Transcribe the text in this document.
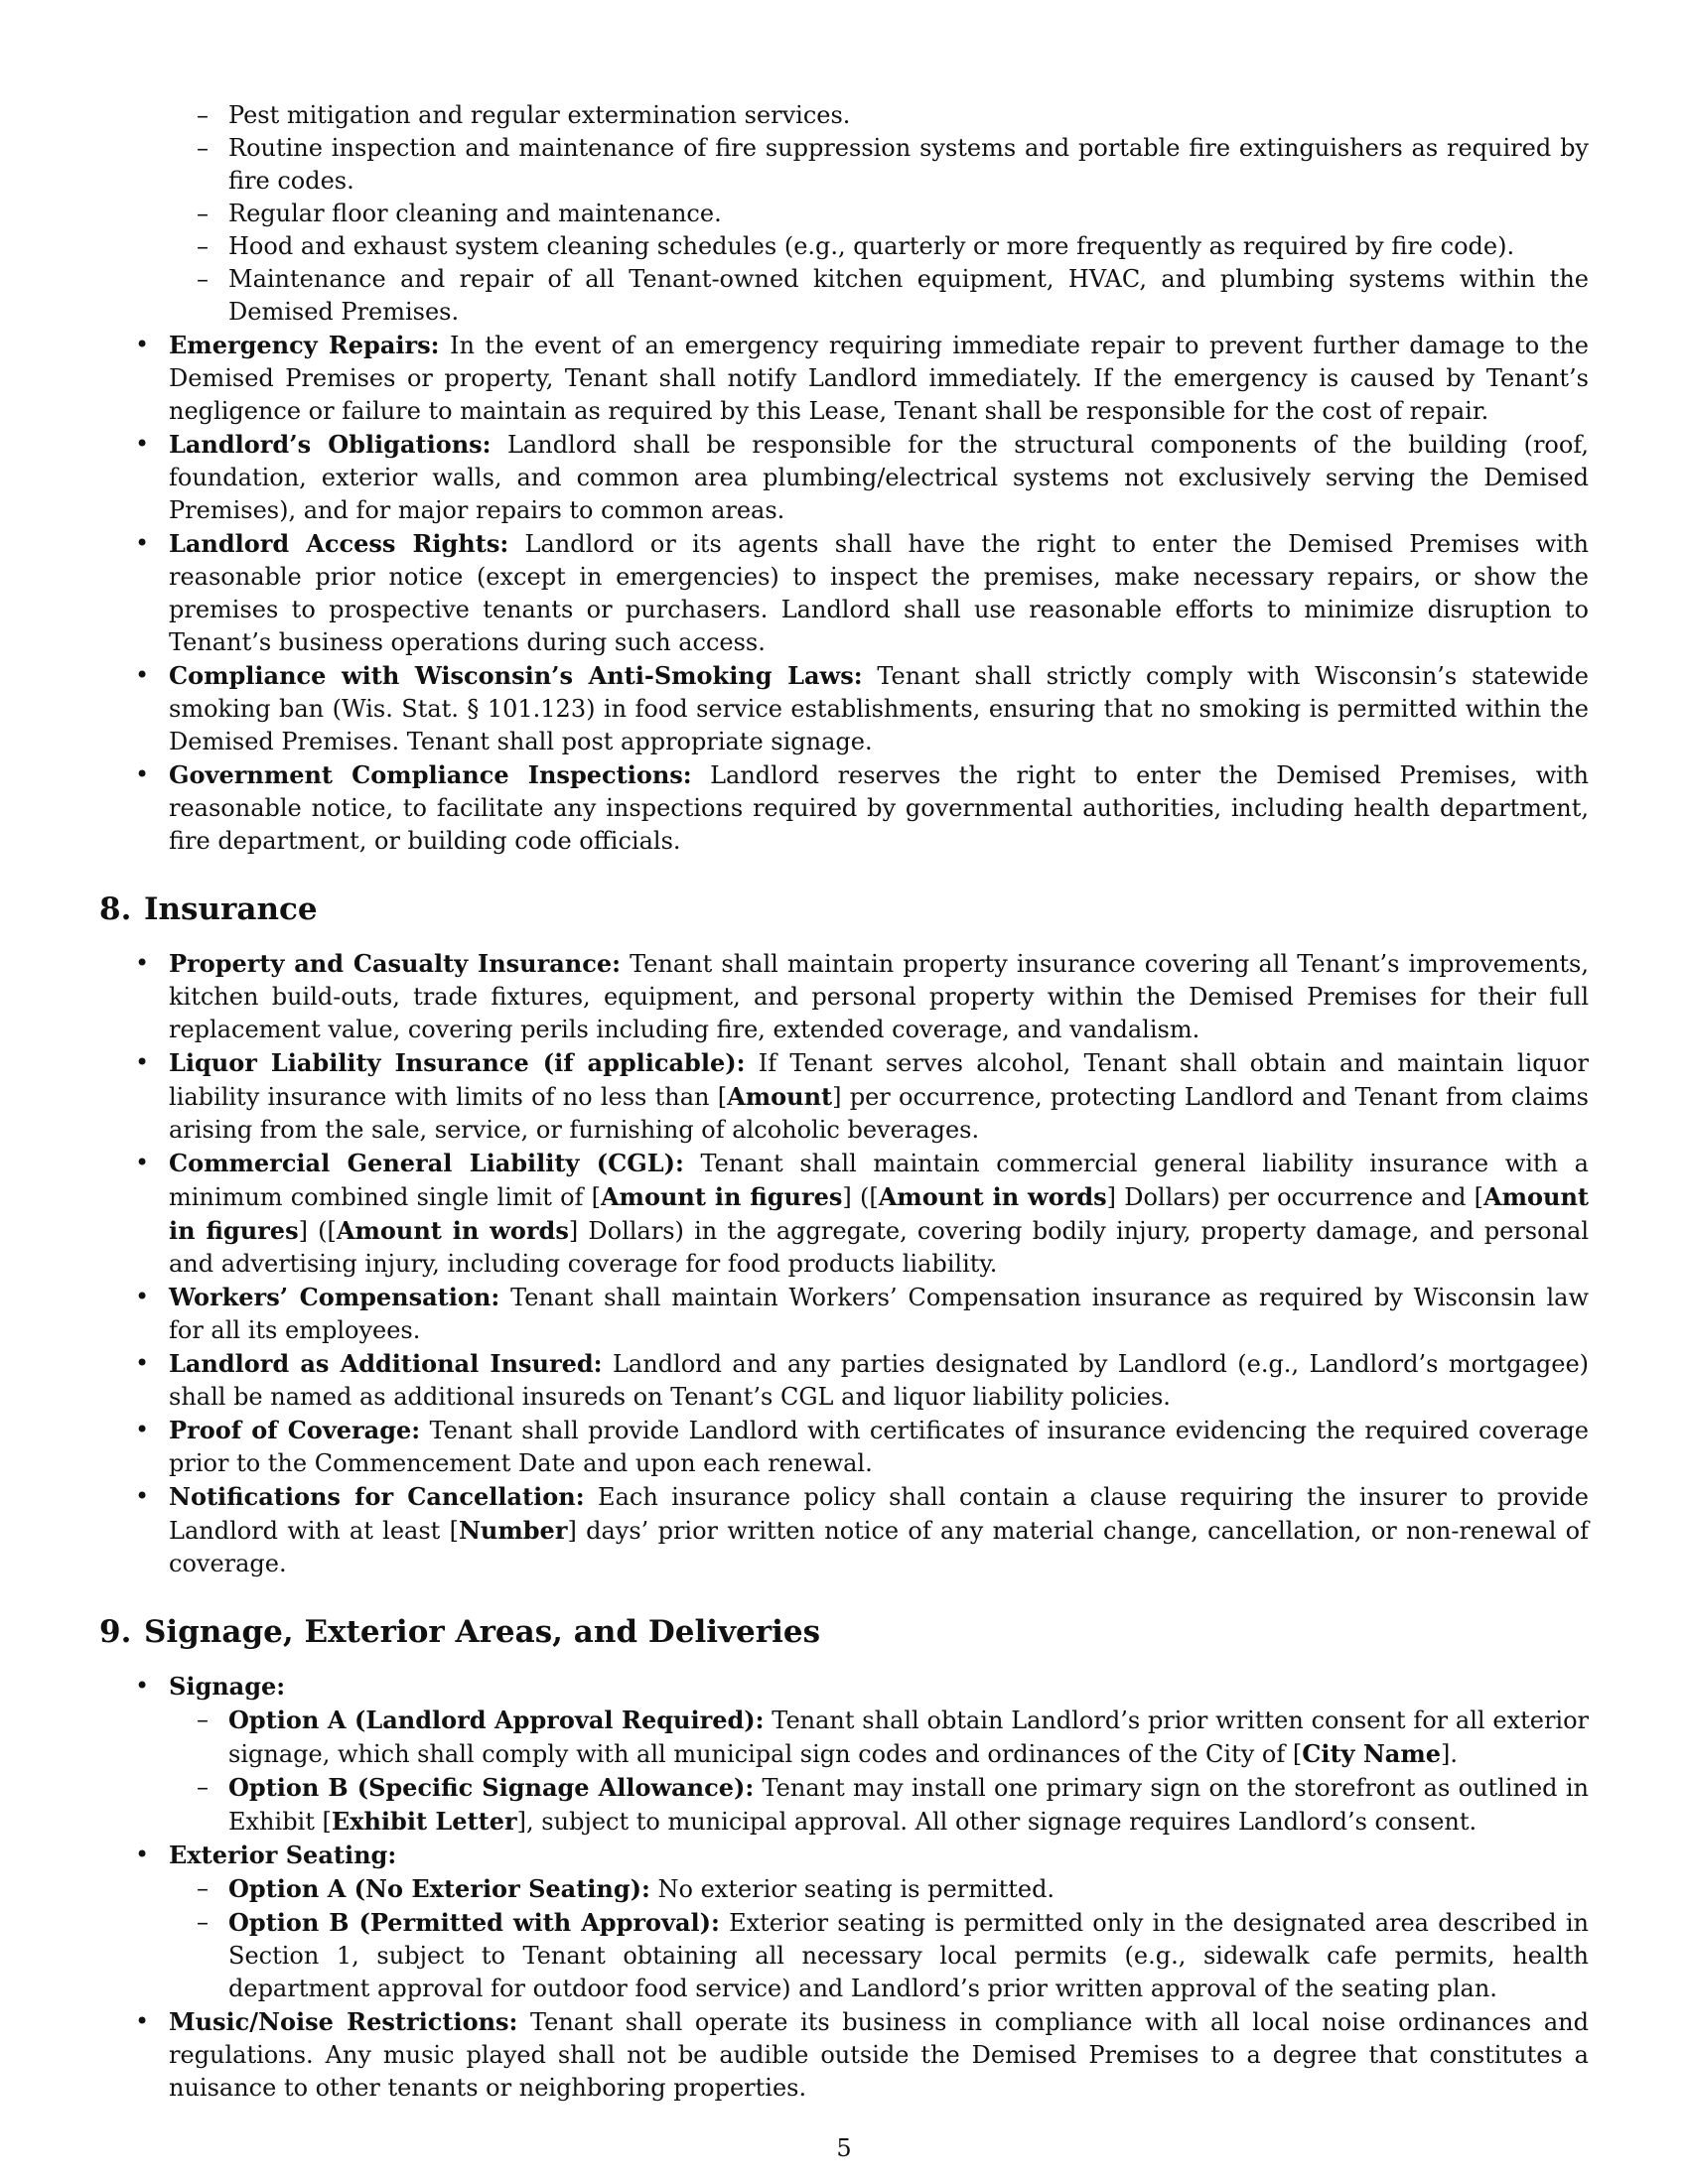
– Pest mitigation and regular extermination services.

– Routine inspection and maintenance of fire suppression systems and portable fire extinguishers as required by fire codes.

– Regular floor cleaning and maintenance.

– Hood and exhaust system cleaning schedules (e.g., quarterly or more frequently as required by fire code).

– Maintenance and repair of all Tenant-owned kitchen equipment, HVAC, and plumbing systems within the Demised Premises.

• Emergency Repairs: In the event of an emergency requiring immediate repair to prevent further damage to the Demised Premises or property, Tenant shall notify Landlord immediately. If the emergency is caused by Tenant’s negligence or failure to maintain as required by this Lease, Tenant shall be responsible for the cost of repair.

• Landlord’s Obligations: Landlord shall be responsible for the structural components of the building (roof, foundation, exterior walls, and common area plumbing/electrical systems not exclusively serving the Demised Premises), and for major repairs to common areas.

• Landlord Access Rights: Landlord or its agents shall have the right to enter the Demised Premises with reasonable prior notice (except in emergencies) to inspect the premises, make necessary repairs, or show the premises to prospective tenants or purchasers. Landlord shall use reasonable efforts to minimize disruption to Tenant’s business operations during such access.

• Compliance with Wisconsin’s Anti-Smoking Laws: Tenant shall strictly comply with Wisconsin’s statewide smoking ban (Wis. Stat. § 101.123) in food service establishments, ensuring that no smoking is permitted within the Demised Premises. Tenant shall post appropriate signage.

• Government Compliance Inspections: Landlord reserves the right to enter the Demised Premises, with reasonable notice, to facilitate any inspections required by governmental authorities, including health department, fire department, or building code officials.

8. Insurance

• Property and Casualty Insurance: Tenant shall maintain property insurance covering all Tenant’s improvements, kitchen build-outs, trade fixtures, equipment, and personal property within the Demised Premises for their full replacement value, covering perils including fire, extended coverage, and vandalism.

• Liquor Liability Insurance (if applicable): If Tenant serves alcohol, Tenant shall obtain and maintain liquor liability insurance with limits of no less than [Amount] per occurrence, protecting Landlord and Tenant from claims arising from the sale, service, or furnishing of alcoholic beverages.

• Commercial General Liability (CGL): Tenant shall maintain commercial general liability insurance with a minimum combined single limit of [Amount in figures] ([Amount in words] Dollars) per occurrence and [Amount in figures] ([Amount in words] Dollars) in the aggregate, covering bodily injury, property damage, and personal and advertising injury, including coverage for food products liability.

• Workers’ Compensation: Tenant shall maintain Workers’ Compensation insurance as required by Wisconsin law for all its employees.

• Landlord as Additional Insured: Landlord and any parties designated by Landlord (e.g., Landlord’s mortgagee) shall be named as additional insureds on Tenant’s CGL and liquor liability policies.

• Proof of Coverage: Tenant shall provide Landlord with certificates of insurance evidencing the required coverage prior to the Commencement Date and upon each renewal.

• Notifications for Cancellation: Each insurance policy shall contain a clause requiring the insurer to provide Landlord with at least [Number] days’ prior written notice of any material change, cancellation, or non-renewal of coverage.

9. Signage, Exterior Areas, and Deliveries

• Signage:

– Option A (Landlord Approval Required): Tenant shall obtain Landlord’s prior written consent for all exterior signage, which shall comply with all municipal sign codes and ordinances of the City of [City Name].

– Option B (Specific Signage Allowance): Tenant may install one primary sign on the storefront as outlined in Exhibit [Exhibit Letter], subject to municipal approval. All other signage requires Landlord’s consent.

• Exterior Seating:

– Option A (No Exterior Seating): No exterior seating is permitted.

– Option B (Permitted with Approval): Exterior seating is permitted only in the designated area described in Section 1, subject to Tenant obtaining all necessary local permits (e.g., sidewalk cafe permits, health department approval for outdoor food service) and Landlord’s prior written approval of the seating plan.

• Music/Noise Restrictions: Tenant shall operate its business in compliance with all local noise ordinances and regulations. Any music played shall not be audible outside the Demised Premises to a degree that constitutes a nuisance to other tenants or neighboring properties.

5
